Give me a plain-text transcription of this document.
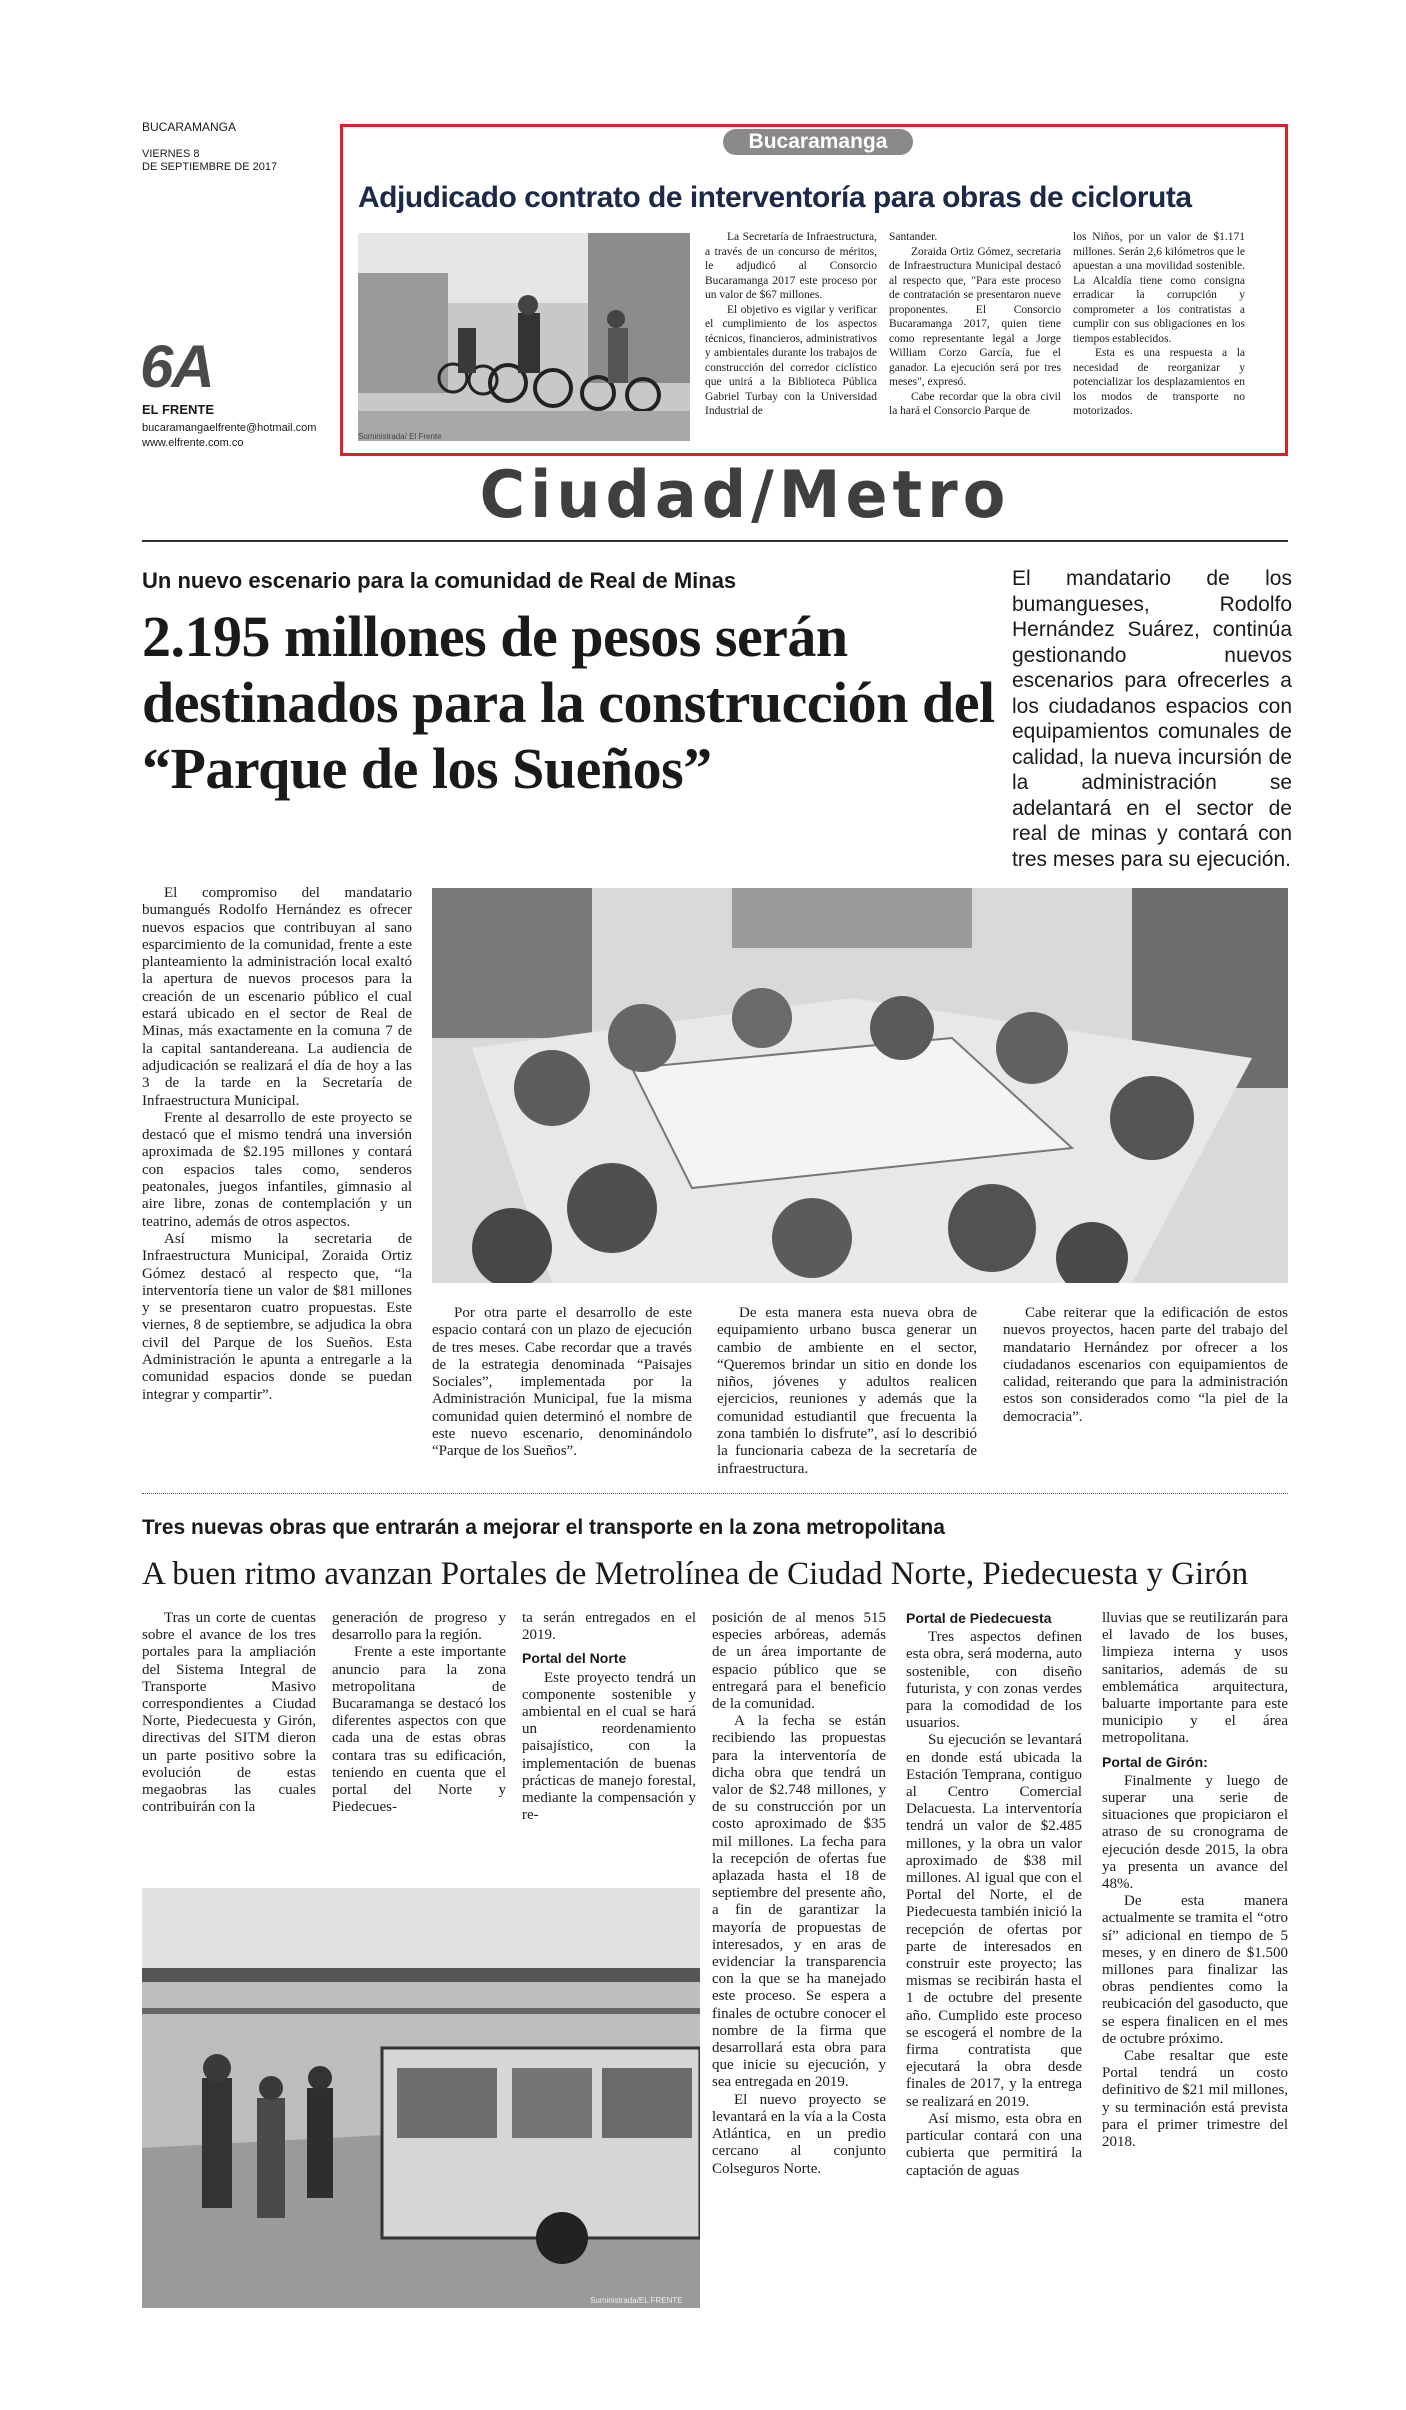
BUCARAMANGA
VIERNES 8
DE SEPTIEMBRE DE 2017
6A
EL FRENTE
bucaramangaelfrente@hotmail.com
www.elfrente.com.co
Bucaramanga
Adjudicado contrato de interventoría para obras de cicloruta
Suministrada/ El Frente

La Secretaría de Infraestructura, a través de un concurso de méritos, le adjudicó al Consorcio Bucaramanga 2017 este proceso por un valor de $67 millones.

El objetivo es vigilar y verificar el cumplimiento de los aspectos técnicos, financieros, administrativos y ambientales durante los trabajos de construcción del corredor ciclístico que unirá a la Biblioteca Pública Gabriel Turbay con la Universidad Industrial de

Santander.

Zoraida Ortiz Gómez, secretaria de Infraestructura Municipal destacó al respecto que, "Para este proceso de contratación se presentaron nueve proponentes. El Consorcio Bucaramanga 2017, quien tiene como representante legal a Jorge William Corzo García, fue el ganador. La ejecución será por tres meses", expresó.

Cabe recordar que la obra civil la hará el Consorcio Parque de

los Niños, por un valor de $1.171 millones. Serán 2,6 kilómetros que le apuestan a una movilidad sostenible. La Alcaldía tiene como consigna erradicar la corrupción y comprometer a los contratistas a cumplir con sus obligaciones en los tiempos establecidos.

Esta es una respuesta a la necesidad de reorganizar y potencializar los desplazamientos en los modos de transporte no motorizados.

Ciudad/Metro
Un nuevo escenario para la comunidad de Real de Minas
2.195 millones de pesos serán destinados para la construcción del “Parque de los Sueños”
El mandatario de los bumangueses, Rodolfo Hernández Suárez, continúa gestionando nuevos escenarios para ofrecerles a los ciudadanos espacios con equipamientos comunales de calidad, la nueva incursión de la administración se adelantará en el sector de real de minas y contará con tres meses para su ejecución.

El compromiso del mandatario bumangués Rodolfo Hernández es ofrecer nuevos espacios que contribuyan al sano esparcimiento de la comunidad, frente a este planteamiento la administración local exaltó la apertura de nuevos procesos para la creación de un escenario público el cual estará ubicado en el sector de Real de Minas, más exactamente en la comuna 7 de la capital santandereana. La audiencia de adjudicación se realizará el día de hoy a las 3 de la tarde en la Secretaría de Infraestructura Municipal.

Frente al desarrollo de este proyecto se destacó que el mismo tendrá una inversión aproximada de $2.195 millones y contará con espacios tales como, senderos peatonales, juegos infantiles, gimnasio al aire libre, zonas de contemplación y un teatrino, además de otros aspectos.

Así mismo la secretaria de Infraestructura Municipal, Zoraida Ortiz Gómez destacó al respecto que, “la interventoría tiene un valor de $81 millones y se presentaron cuatro propuestas. Este viernes, 8 de septiembre, se adjudica la obra civil del Parque de los Sueños. Esta Administración le apunta a entregarle a la comunidad espacios donde se puedan integrar y compartir”.

Por otra parte el desarrollo de este espacio contará con un plazo de ejecución de tres meses. Cabe recordar que a través de la estrategia denominada “Paisajes Sociales”, implementada por la Administración Municipal, fue la misma comunidad quien determinó el nombre de este nuevo escenario, denominándolo “Parque de los Sueños”.

De esta manera esta nueva obra de equipamiento urbano busca generar un cambio de ambiente en el sector, “Queremos brindar un sitio en donde los niños, jóvenes y adultos realicen ejercicios, reuniones y además que la comunidad estudiantil que frecuenta la zona también lo disfrute”, así lo describió la funcionaria cabeza de la secretaría de infraestructura.

Cabe reiterar que la edificación de estos nuevos proyectos, hacen parte del trabajo del mandatario Hernández por ofrecer a los ciudadanos escenarios con equipamientos de calidad, reiterando que para la administración estos son considerados como “la piel de la democracia”.

Tres nuevas obras que entrarán a mejorar el transporte en la zona metropolitana
A buen ritmo avanzan Portales de Metrolínea de Ciudad Norte, Piedecuesta y Girón

Tras un corte de cuentas sobre el avance de los tres portales para la ampliación del Sistema Integral de Transporte Masivo correspondientes a Ciudad Norte, Piedecuesta y Girón, directivas del SITM dieron un parte positivo sobre la evolución de estas megaobras las cuales contribuirán con la

generación de progreso y desarrollo para la región.

Frente a este importante anuncio para la zona metropolitana de Bucaramanga se destacó los diferentes aspectos con que cada una de estas obras contara tras su edificación, teniendo en cuenta que el portal del Norte y Piedecues-

ta serán entregados en el 2019.

Portal del Norte

Este proyecto tendrá un componente sostenible y ambiental en el cual se hará un reordenamiento paisajístico, con la implementación de buenas prácticas de manejo forestal, mediante la compensación y re-

Suministrada/EL FRENTE

posición de al menos 515 especies arbóreas, además de un área importante de espacio público que se entregará para el beneficio de la comunidad.

A la fecha se están recibiendo las propuestas para la interventoría de dicha obra que tendrá un valor de $2.748 millones, y de su construcción por un costo aproximado de $35 mil millones. La fecha para la recepción de ofertas fue aplazada hasta el 18 de septiembre del presente año, a fin de garantizar la mayoría de propuestas de interesados, y en aras de evidenciar la transparencia con la que se ha manejado este proceso. Se espera a finales de octubre conocer el nombre de la firma que desarrollará esta obra para que inicie su ejecución, y sea entregada en 2019.

El nuevo proyecto se levantará en la vía a la Costa Atlántica, en un predio cercano al conjunto Colseguros Norte.

Portal de Piedecuesta

Tres aspectos definen esta obra, será moderna, auto sostenible, con diseño futurista, y con zonas verdes para la comodidad de los usuarios.

Su ejecución se levantará en donde está ubicada la Estación Temprana, contiguo al Centro Comercial Delacuesta. La interventoría tendrá un valor de $2.485 millones, y la obra un valor aproximado de $38 mil millones. Al igual que con el Portal del Norte, el de Piedecuesta también inició la recepción de ofertas por parte de interesados en construir este proyecto; las mismas se recibirán hasta el 1 de octubre del presente año. Cumplido este proceso se escogerá el nombre de la firma contratista que ejecutará la obra desde finales de 2017, y la entrega se realizará en 2019.

Así mismo, esta obra en particular contará con una cubierta que permitirá la captación de aguas

lluvias que se reutilizarán para el lavado de los buses, limpieza interna y usos sanitarios, además de su emblemática arquitectura, baluarte importante para este municipio y el área metropolitana.

Portal de Girón:

Finalmente y luego de superar una serie de situaciones que propiciaron el atraso de su cronograma de ejecución desde 2015, la obra ya presenta un avance del 48%.

De esta manera actualmente se tramita el “otro sí” adicional en tiempo de 5 meses, y en dinero de $1.500 millones para finalizar las obras pendientes como la reubicación del gasoducto, que se espera finalicen en el mes de octubre próximo.

Cabe resaltar que este Portal tendrá un costo definitivo de $21 mil millones, y su terminación está prevista para el primer trimestre del 2018.
